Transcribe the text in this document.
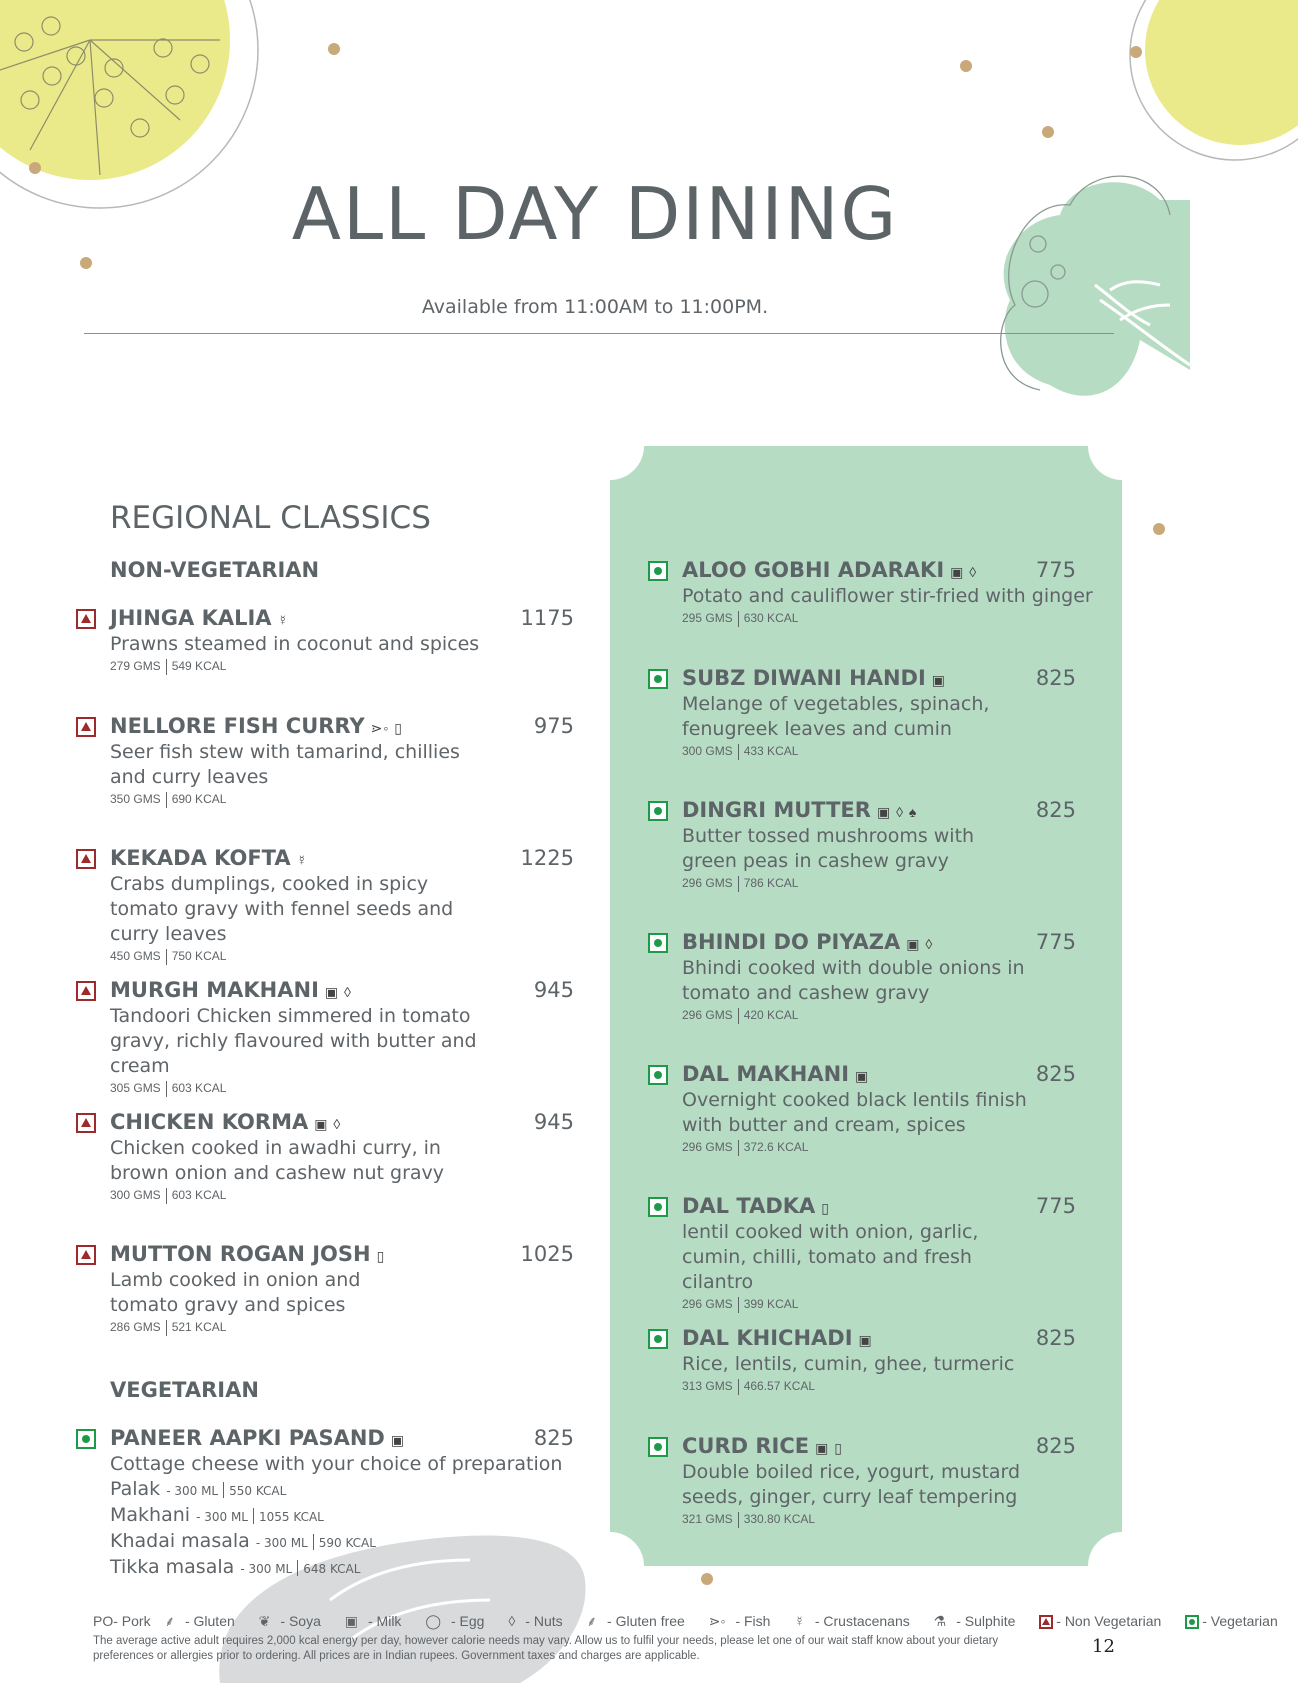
ALL DAY DINING
Available from 11:00AM to 11:00PM.
REGIONAL CLASSICS
NON-VEGETARIAN
JHINGA KALIA ☿	1175
Prawns steamed in coconut and spices
279 GMS 549 KCAL
NELLORE FISH CURRY ⋗◦ ▯	975
Seer fish stew with tamarind, chillies and curry leaves
350 GMS 690 KCAL
KEKADA KOFTA ☿	1225
Crabs dumplings, cooked in spicy tomato gravy with fennel seeds and curry leaves
450 GMS 750 KCAL
MURGH MAKHANI ▣ ◊	945
Tandoori Chicken simmered in tomato gravy, richly flavoured with butter and cream
305 GMS 603 KCAL
CHICKEN KORMA ▣ ◊	945
Chicken cooked in awadhi curry, in brown onion and cashew nut gravy
300 GMS 603 KCAL
MUTTON ROGAN JOSH ▯	1025
Lamb cooked in onion and tomato gravy and spices
286 GMS 521 KCAL
VEGETARIAN
PANEER AAPKI PASAND ▣	825
Cottage cheese with your choice of preparation
Palak - 300 ML 550 KCAL
Makhani - 300 ML 1055 KCAL
Khadai masala - 300 ML 590 KCAL
Tikka masala - 300 ML 648 KCAL
ALOO GOBHI ADARAKI ▣ ◊	775
Potato and cauliflower stir-fried with ginger
295 GMS 630 KCAL
SUBZ DIWANI HANDI ▣	825
Melange of vegetables, spinach, fenugreek leaves and cumin
300 GMS 433 KCAL
DINGRI MUTTER ▣ ◊ ♠	825
Butter tossed mushrooms with green peas in cashew gravy
296 GMS 786 KCAL
BHINDI DO PIYAZA ▣ ◊	775
Bhindi cooked with double onions in tomato and cashew gravy
296 GMS 420 KCAL
DAL MAKHANI ▣	825
Overnight cooked black lentils finish with butter and cream, spices
296 GMS 372.6 KCAL
DAL TADKA ▯	775
lentil cooked with onion, garlic, cumin, chilli, tomato and fresh cilantro
296 GMS 399 KCAL
DAL KHICHADI ▣	825
Rice, lentils, cumin, ghee, turmeric
313 GMS 466.57 KCAL
CURD RICE ▣ ▯	825
Double boiled rice, yogurt, mustard seeds, ginger, curry leaf tempering
321 GMS 330.80 KCAL
PO- Pork ⸙ - Gluten ❦ - Soya ▣ - Milk ◯ - Egg ◊ - Nuts ⸙ - Gluten free ⋗◦ - Fish ☿ - Crustacenans ⚗ - Sulphite	- Non Vegetarian	- Vegetarian
The average active adult requires 2,000 kcal energy per day, however calorie needs may vary. Allow us to fulfil your needs, please let one of our wait staff know about your dietary preferences or allergies prior to ordering. All prices are in Indian rupees. Government taxes and charges are applicable.	12
